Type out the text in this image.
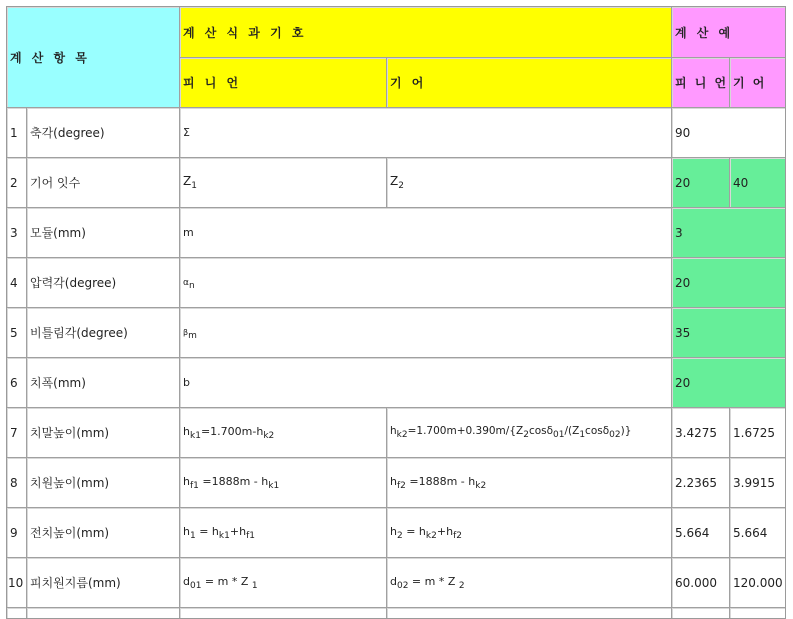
계 산 항 목		계 산 식 과 기 호		계 산 예	
		피 니 언	기 어	피 니 언	기 어
1	축각(degree)	Σ		90	
2	기어 잇수	$Z_1$	$Z_2$	20	40
3	모듈(mm)	m		3	
4	압력각(degree)	$\alpha_n$		20	
5	비틀림각(degree)	$\beta_m$		35	
6	치폭(mm)	b		20	
7	치말높이(mm)	$h_{k1}=1.700m-h_{k2}$	hk2=1.700m+0.390m/{Z2cosδ01/(Z1cosδ02)}	3.4275	1.6725
8	치원높이(mm)	$h_{f1} =1888m - h_{k1}$	$h_{f2} =1888m - h_{k2}$	2.2365	3.9915
9	전치높이(mm)	$h_1 = h_{k1}+h_{f1}$	$h_2 = h_{k2}+h_{f2}$	5.664	5.664
10	피치원지름(mm)	$d_{01} = m * Z$ $_1$	$d_{02} = m * Z$ $_2$	60.000	120.000
